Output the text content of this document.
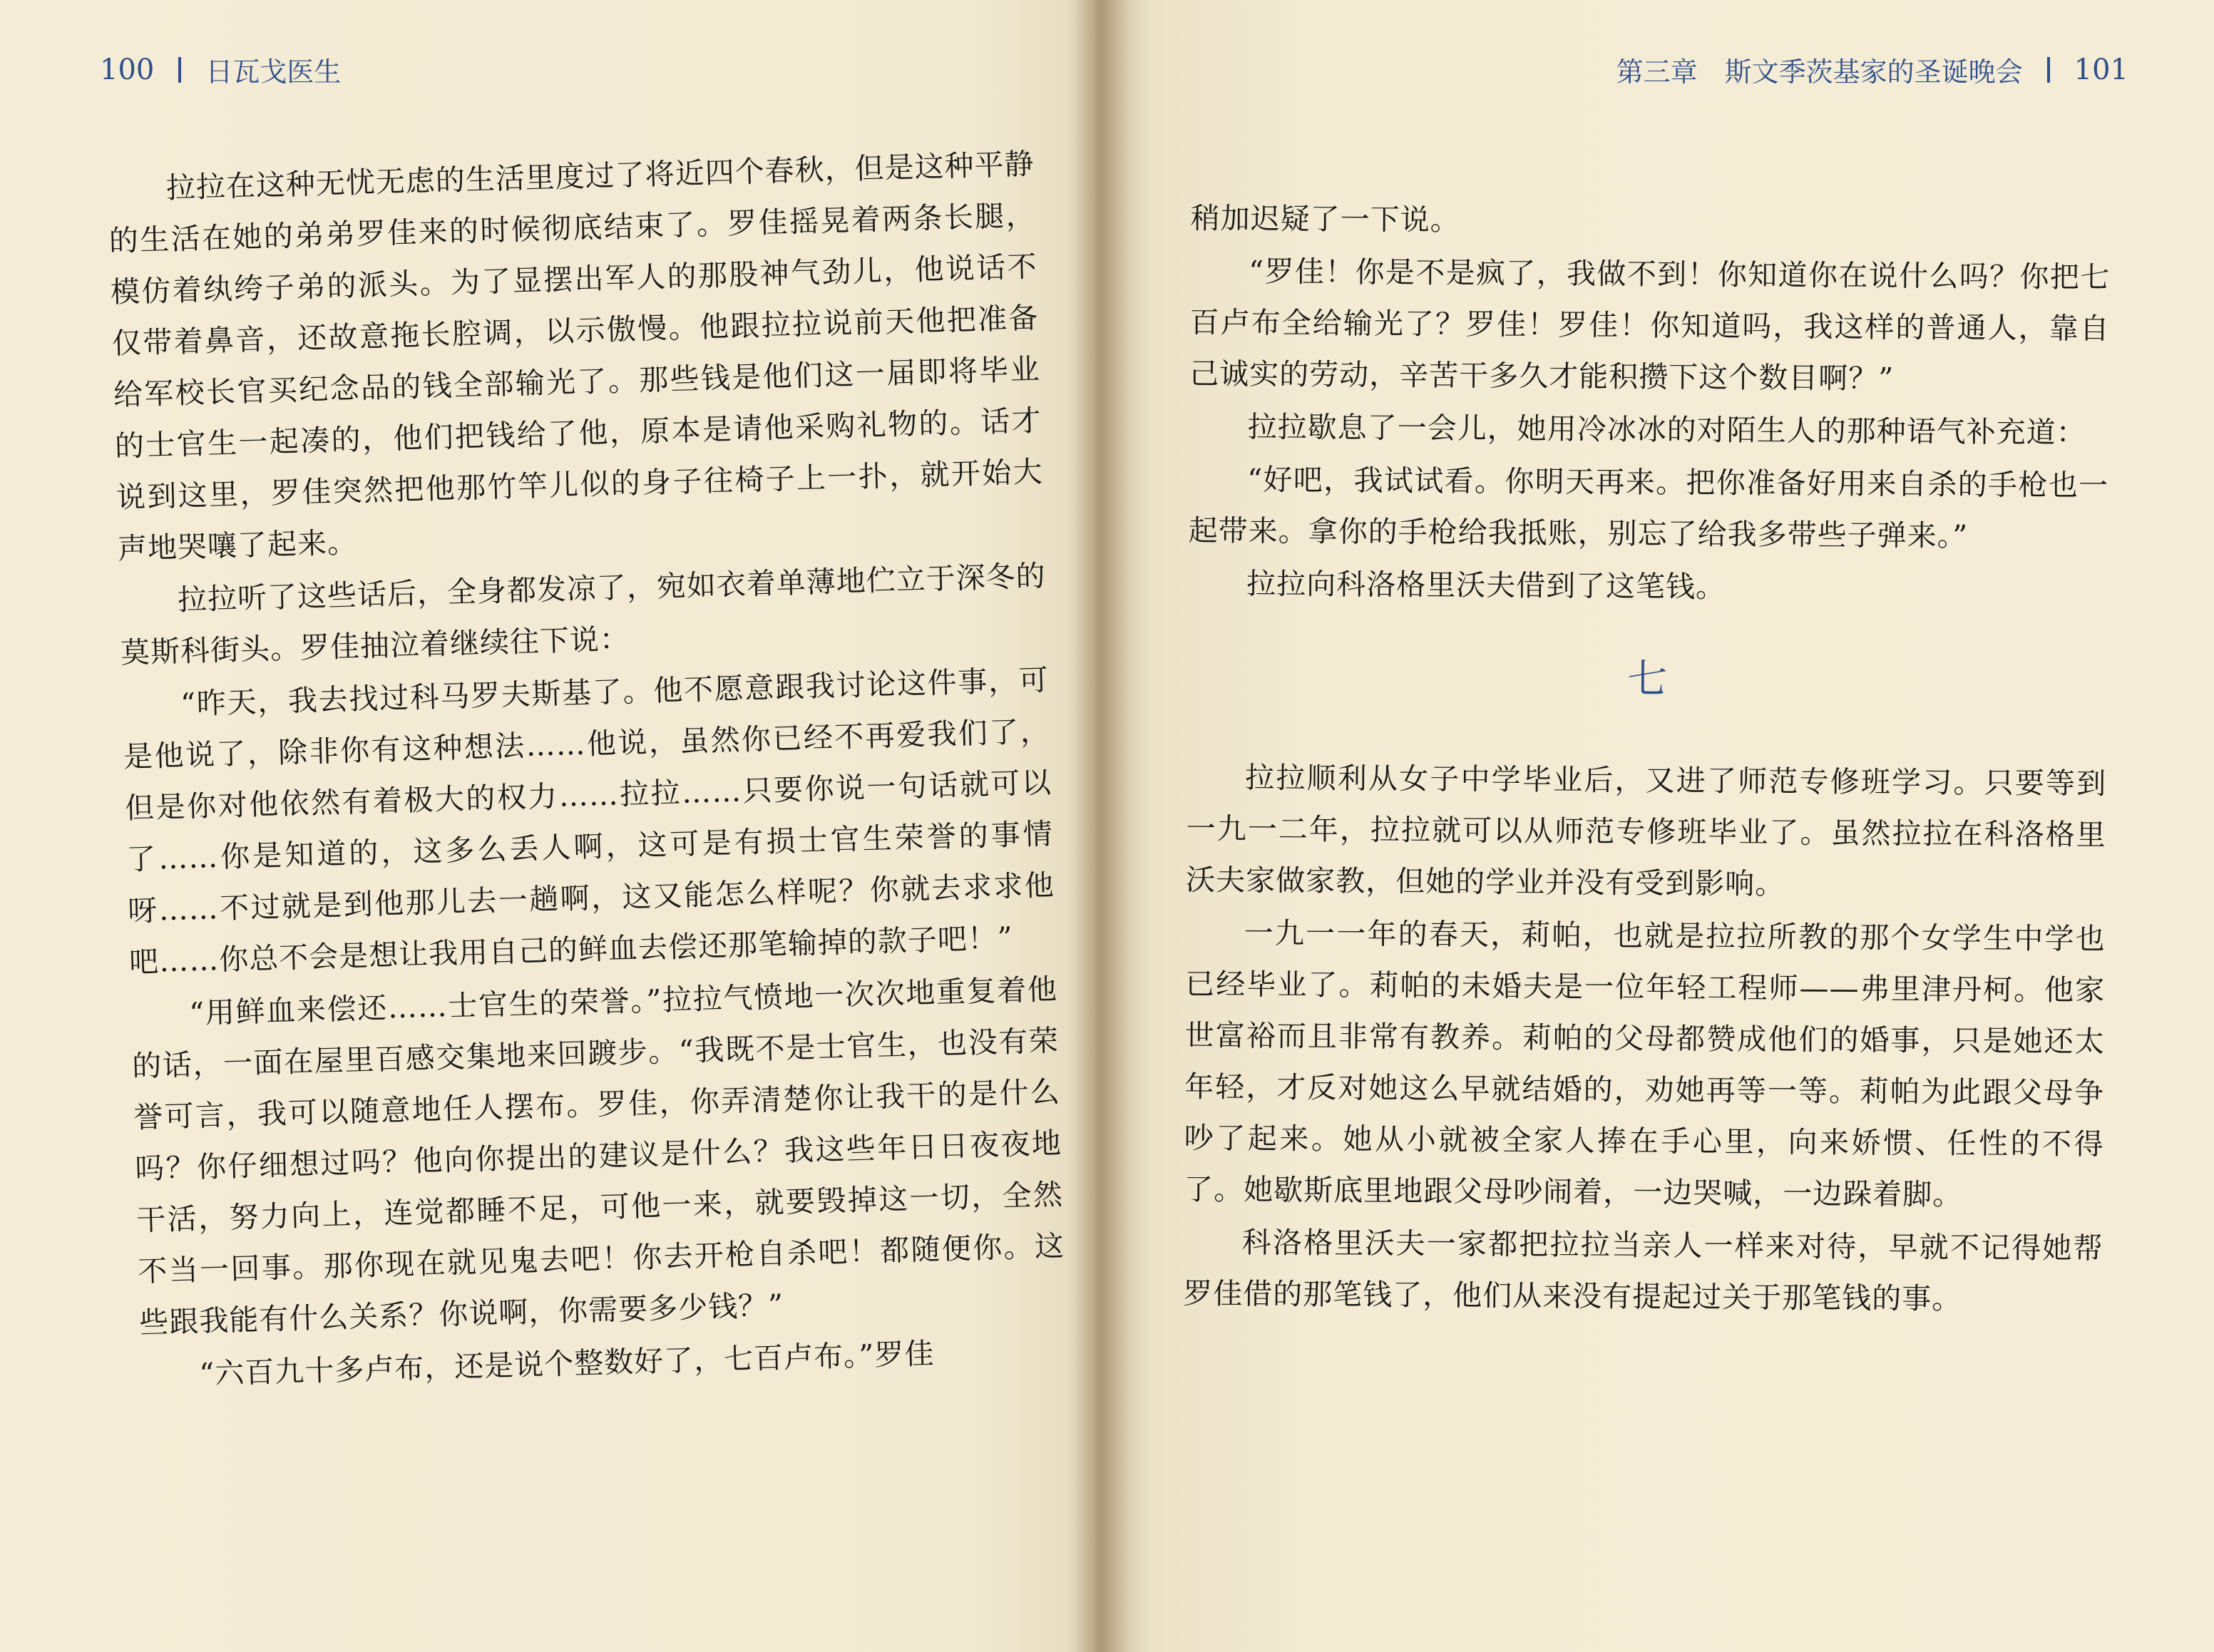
100 日瓦戈医生

拉拉在这种无忧无虑的生活里度过了将近四个春秋，但是这种平静的生活在她的弟弟罗佳来的时候彻底结束了。罗佳摇晃着两条长腿，模仿着纨绔子弟的派头。为了显摆出军人的那股神气劲儿，他说话不仅带着鼻音，还故意拖长腔调，以示傲慢。他跟拉拉说前天他把准备给军校长官买纪念品的钱全部输光了。那些钱是他们这一届即将毕业的士官生一起凑的，他们把钱给了他，原本是请他采购礼物的。话才说到这里，罗佳突然把他那竹竿儿似的身子往椅子上一扑，就开始大声地哭嚷了起来。

拉拉听了这些话后，全身都发凉了，宛如衣着单薄地伫立于深冬的莫斯科街头。罗佳抽泣着继续往下说：

“昨天，我去找过科马罗夫斯基了。他不愿意跟我讨论这件事，可是他说了，除非你有这种想法……他说，虽然你已经不再爱我们了，但是你对他依然有着极大的权力……拉拉……只要你说一句话就可以了……你是知道的，这多么丢人啊，这可是有损士官生荣誉的事情呀……不过就是到他那儿去一趟啊，这又能怎么样呢？你就去求求他吧……你总不会是想让我用自己的鲜血去偿还那笔输掉的款子吧！”

“用鲜血来偿还……士官生的荣誉。”拉拉气愤地一次次地重复着他的话，一面在屋里百感交集地来回踱步。“我既不是士官生，也没有荣誉可言，我可以随意地任人摆布。罗佳，你弄清楚你让我干的是什么吗？你仔细想过吗？他向你提出的建议是什么？我这些年日日夜夜地干活，努力向上，连觉都睡不足，可他一来，就要毁掉这一切，全然不当一回事。那你现在就见鬼去吧！你去开枪自杀吧！都随便你。这些跟我能有什么关系？你说啊，你需要多少钱？”

“六百九十多卢布，还是说个整数好了，七百卢布。”罗佳

第三章　斯文季茨基家的圣诞晚会 101

稍加迟疑了一下说。

“罗佳！你是不是疯了，我做不到！你知道你在说什么吗？你把七百卢布全给输光了？罗佳！罗佳！你知道吗，我这样的普通人，靠自己诚实的劳动，辛苦干多久才能积攒下这个数目啊？”

拉拉歇息了一会儿，她用冷冰冰的对陌生人的那种语气补充道：

“好吧，我试试看。你明天再来。把你准备好用来自杀的手枪也一起带来。拿你的手枪给我抵账，别忘了给我多带些子弹来。”

拉拉向科洛格里沃夫借到了这笔钱。

七

拉拉顺利从女子中学毕业后，又进了师范专修班学习。只要等到一九一二年，拉拉就可以从师范专修班毕业了。虽然拉拉在科洛格里沃夫家做家教，但她的学业并没有受到影响。

一九一一年的春天，莉帕，也就是拉拉所教的那个女学生中学也已经毕业了。莉帕的未婚夫是一位年轻工程师——弗里津丹柯。他家世富裕而且非常有教养。莉帕的父母都赞成他们的婚事，只是她还太年轻，才反对她这么早就结婚的，劝她再等一等。莉帕为此跟父母争吵了起来。她从小就被全家人捧在手心里，向来娇惯、任性的不得了。她歇斯底里地跟父母吵闹着，一边哭喊，一边跺着脚。

科洛格里沃夫一家都把拉拉当亲人一样来对待，早就不记得她帮罗佳借的那笔钱了，他们从来没有提起过关于那笔钱的事。
